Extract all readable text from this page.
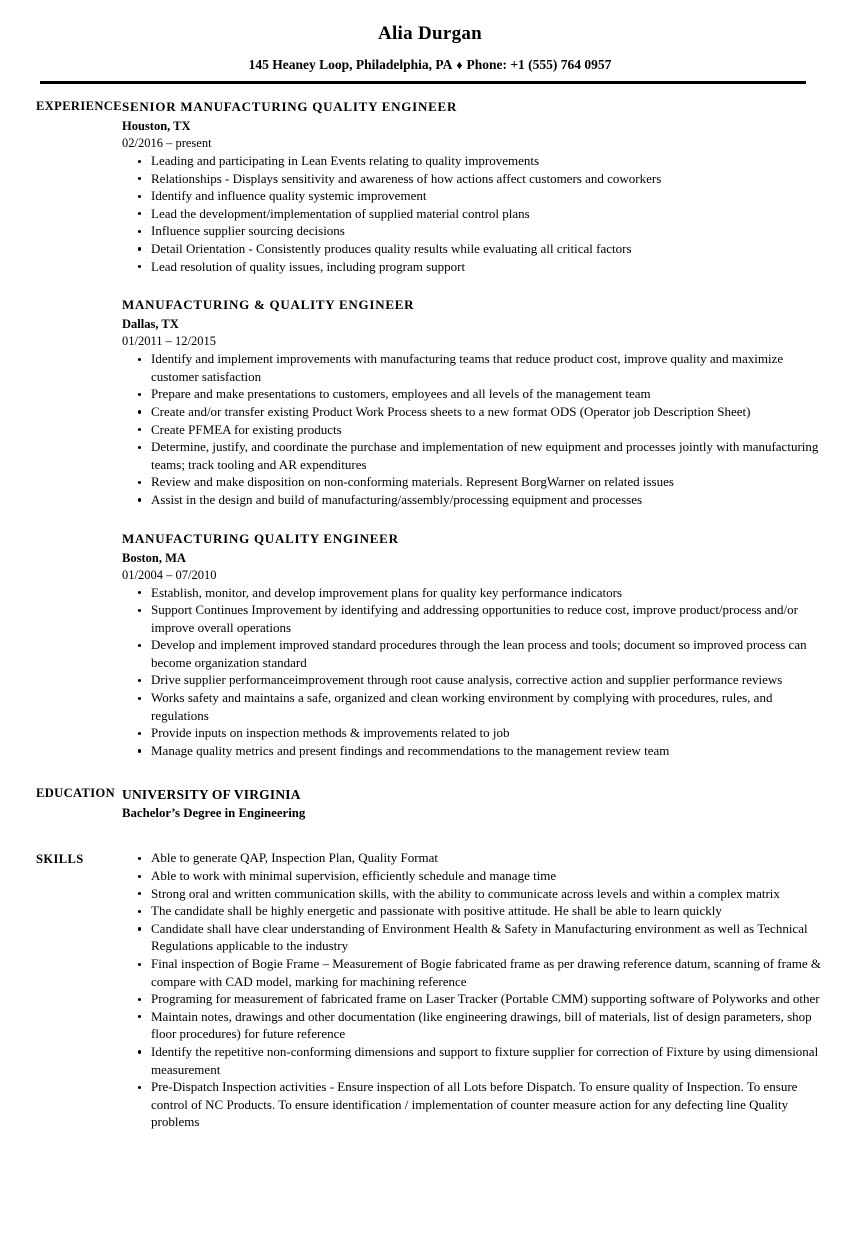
Alia Durgan
145 Heaney Loop, Philadelphia, PA ♦ Phone: +1 (555) 764 0957
EXPERIENCE SENIOR MANUFACTURING QUALITY ENGINEER
Houston, TX
02/2016 – present
Leading and participating in Lean Events relating to quality improvements
Relationships - Displays sensitivity and awareness of how actions affect customers and coworkers
Identify and influence quality systemic improvement
Lead the development/implementation of supplied material control plans
Influence supplier sourcing decisions
Detail Orientation - Consistently produces quality results while evaluating all critical factors
Lead resolution of quality issues, including program support
MANUFACTURING & QUALITY ENGINEER
Dallas, TX
01/2011 – 12/2015
Identify and implement improvements with manufacturing teams that reduce product cost, improve quality and maximize customer satisfaction
Prepare and make presentations to customers, employees and all levels of the management team
Create and/or transfer existing Product Work Process sheets to a new format ODS (Operator job Description Sheet)
Create PFMEA for existing products
Determine, justify, and coordinate the purchase and implementation of new equipment and processes jointly with manufacturing teams; track tooling and AR expenditures
Review and make disposition on non-conforming materials. Represent BorgWarner on related issues
Assist in the design and build of manufacturing/assembly/processing equipment and processes
MANUFACTURING QUALITY ENGINEER
Boston, MA
01/2004 – 07/2010
Establish, monitor, and develop improvement plans for quality key performance indicators
Support Continues Improvement by identifying and addressing opportunities to reduce cost, improve product/process and/or improve overall operations
Develop and implement improved standard procedures through the lean process and tools; document so improved process can become organization standard
Drive supplier performanceimprovement through root cause analysis, corrective action and supplier performance reviews
Works safety and maintains a safe, organized and clean working environment by complying with procedures, rules, and regulations
Provide inputs on inspection methods & improvements related to job
Manage quality metrics and present findings and recommendations to the management review team
EDUCATION UNIVERSITY OF VIRGINIA
Bachelor’s Degree in Engineering
SKILLS	Able to generate QAP, Inspection Plan, Quality Format
Able to work with minimal supervision, efficiently schedule and manage time
Strong oral and written communication skills, with the ability to communicate across levels and within a complex matrix
The candidate shall be highly energetic and passionate with positive attitude. He shall be able to learn quickly
Candidate shall have clear understanding of Environment Health & Safety in Manufacturing environment as well as Technical Regulations applicable to the industry
Final inspection of Bogie Frame – Measurement of Bogie fabricated frame as per drawing reference datum, scanning of frame & compare with CAD model, marking for machining reference
Programing for measurement of fabricated frame on Laser Tracker (Portable CMM) supporting software of Polyworks and other
Maintain notes, drawings and other documentation (like engineering drawings, bill of materials, list of design parameters, shop floor procedures) for future reference
Identify the repetitive non-conforming dimensions and support to fixture supplier for correction of Fixture by using dimensional measurement
Pre-Dispatch Inspection activities - Ensure inspection of all Lots before Dispatch. To ensure quality of Inspection. To ensure control of NC Products. To ensure identification / implementation of counter measure action for any defecting line Quality problems
